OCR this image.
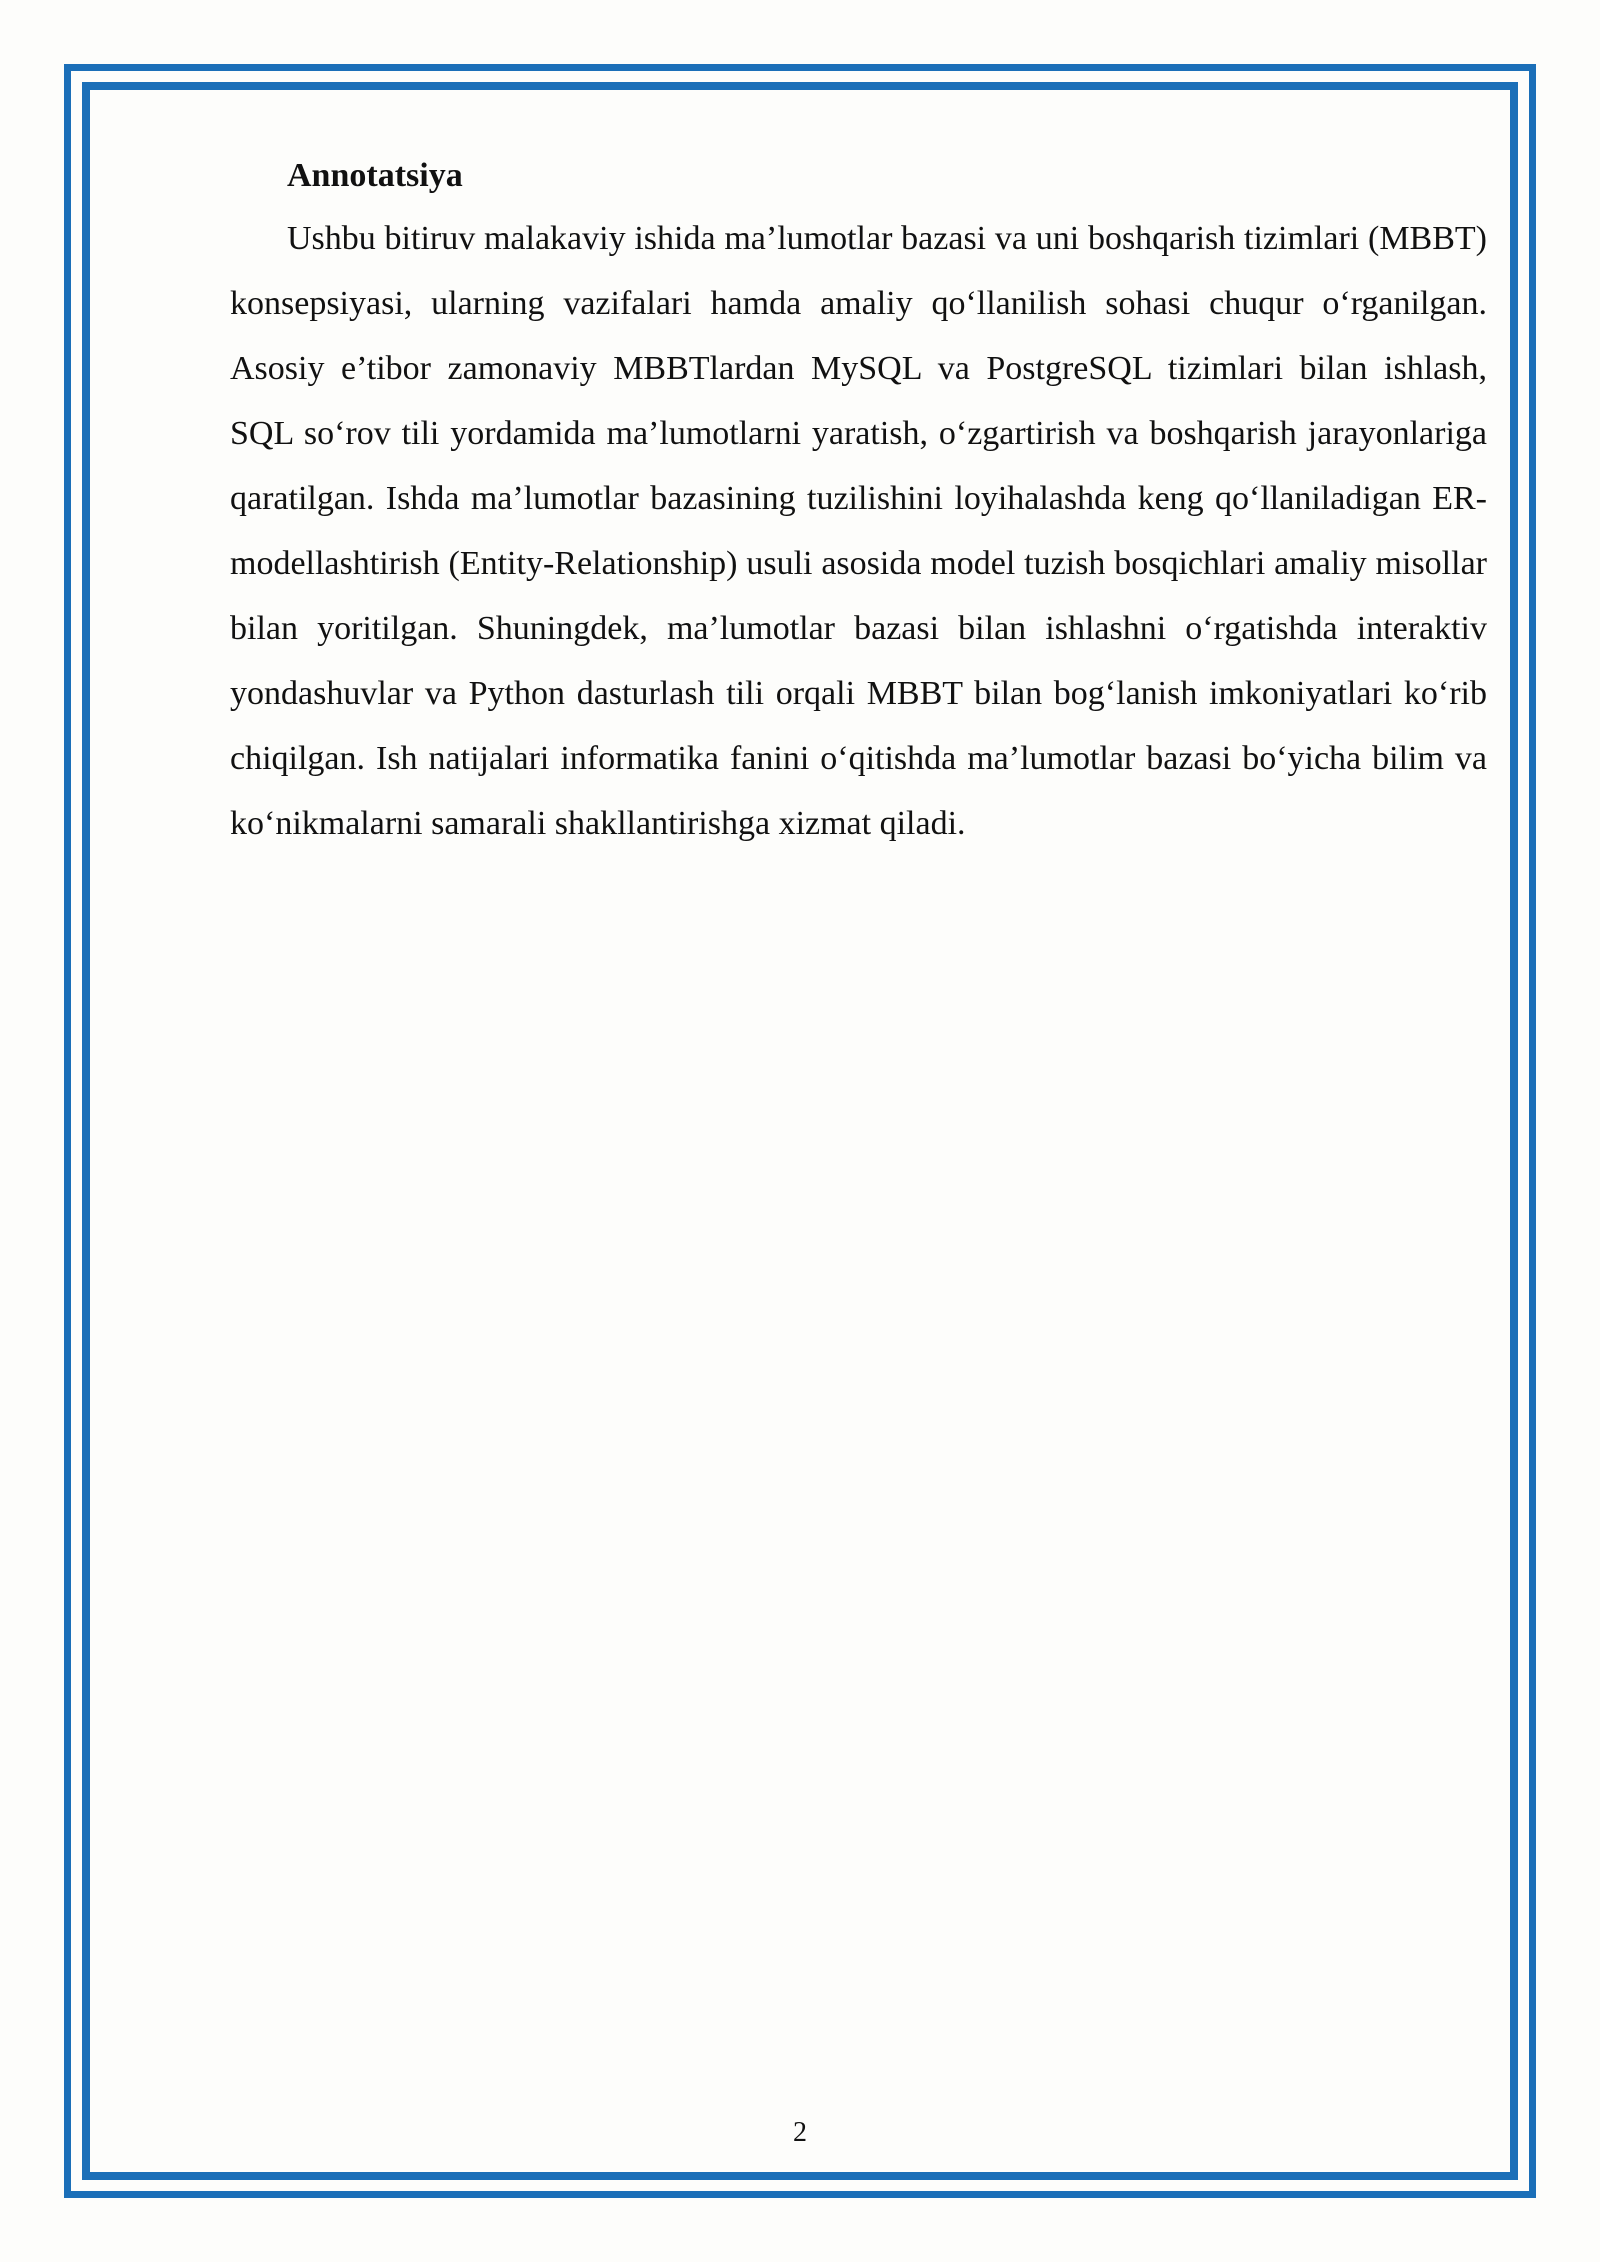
Annotatsiya

Ushbu bitiruv malakaviy ishida ma’lumotlar bazasi va uni boshqarish tizimlari (MBBT) konsepsiyasi, ularning vazifalari hamda amaliy qo‘llanilish sohasi chuqur o‘rganilgan. Asosiy e’tibor zamonaviy MBBTlardan MySQL va PostgreSQL tizimlari bilan ishlash, SQL so‘rov tili yordamida ma’lumotlarni yaratish, o‘zgartirish va boshqarish jarayonlariga qaratilgan. Ishda ma’lumotlar bazasining tuzilishini loyihalashda keng qo‘llaniladigan ER-modellashtirish (Entity-Relationship) usuli asosida model tuzish bosqichlari amaliy misollar bilan yoritilgan. Shuningdek, ma’lumotlar bazasi bilan ishlashni o‘rgatishda interaktiv yondashuvlar va Python dasturlash tili orqali MBBT bilan bog‘lanish imkoniyatlari ko‘rib chiqilgan. Ish natijalari informatika fanini o‘qitishda ma’lumotlar bazasi bo‘yicha bilim va ko‘nikmalarni samarali shakllantirishga xizmat qiladi.

2
